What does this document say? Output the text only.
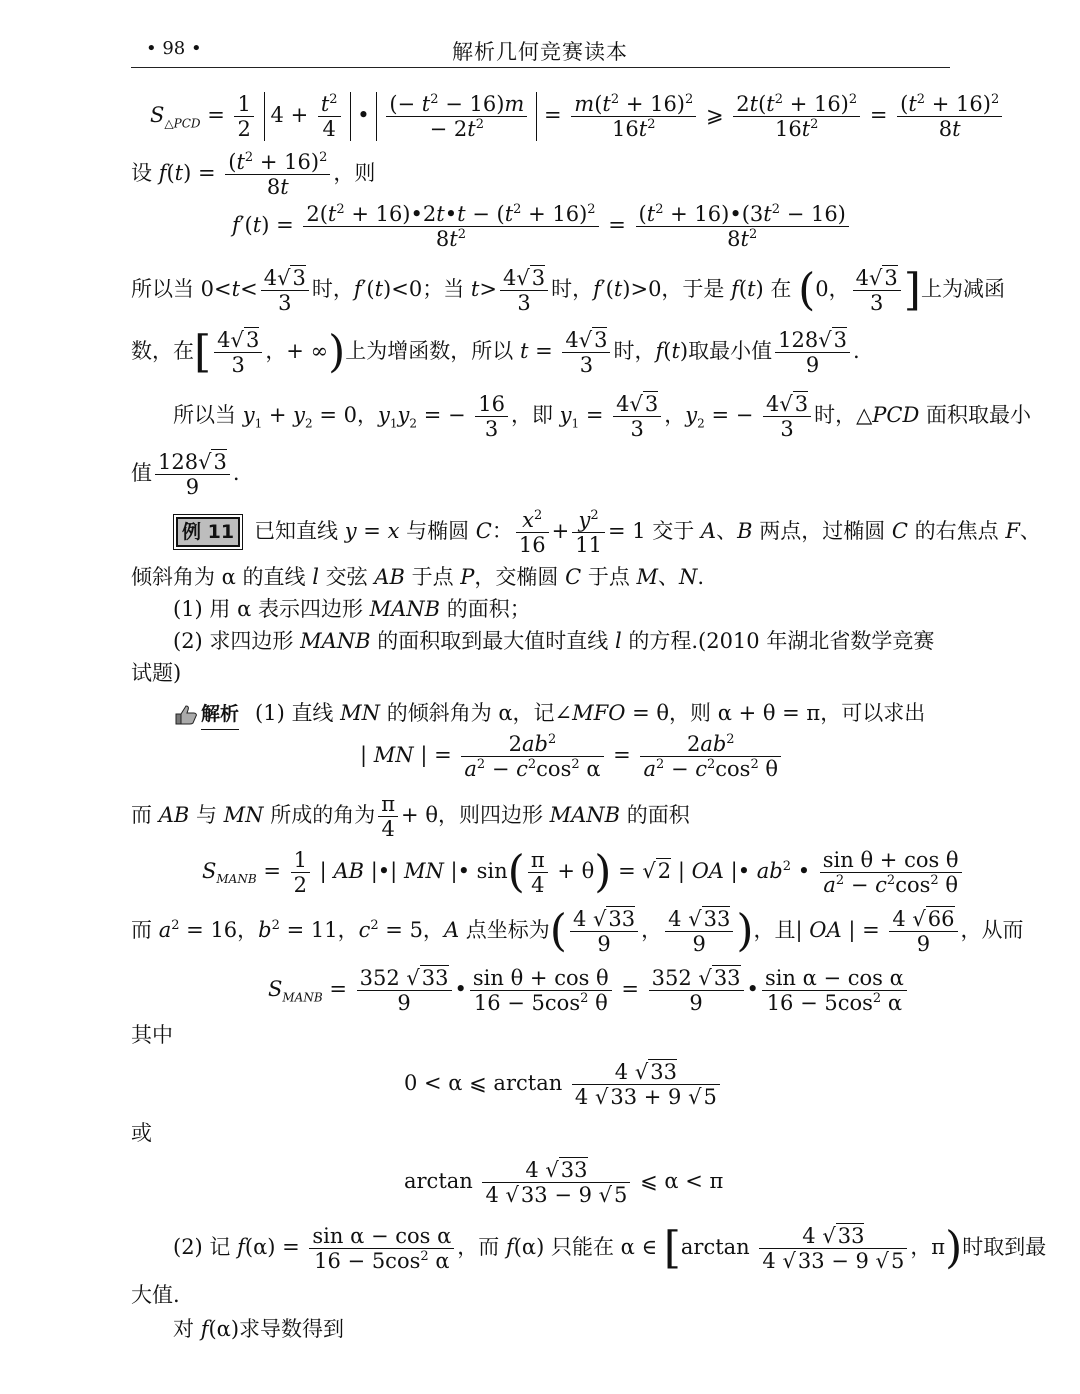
• 98 •	解析几何竞赛读本
$S_{\triangle PCD} = \frac{1}{2} 4 + \frac{t^2}{4}$ • $\frac{(- t^2 - 16)m}{- 2t^2} = \frac{m(t^2 + 16)^2}{16t^2}$ ⩾ $\frac{2t(t^2 + 16)^2}{16t^2} = \frac{(t^2 + 16)^2}{8t}$
设 $f(t) = \frac{(t^2 + 16)^2}{8t}$ ，则
$f'(t) = \frac{2(t^2 + 16)•2t•t - (t^2 + 16)^2}{8t^2} = \frac{(t^2 + 16)•(3t^2 - 16)}{8t^2}$
所以当 $0<t< \frac{4√3}{3}$ 时，f′(t)<0；当 $t> \frac{4√3}{3}$ 时，f′(t)>0，于是 f(t) 在 (0， $\frac{4√3}{3}$ ]上为减函
数，在[ $\frac{4√3}{3}$ ，+ ∞)上为增函数，所以 $t = \frac{4√3}{3}$ 时，f(t)取最小值 $\frac{128√3}{9}$ .
所以当 $y_1 + y_2 = 0$，$y_1y_2$ = − $\frac{16}{3}$ ，即 $y_1 = \frac{4√3}{3}$ ，$y_2$ = − $\frac{4√3}{3}$ 时，△PCD 面积取最小
值 $\frac{128√3}{9}$ .
例 11 已知直线 y = x 与椭圆 C： $\frac{x^2}{16} + \frac{y^2}{11} = 1$ 交于 A、B 两点，过椭圆 C 的右焦点 F、
倾斜角为 α 的直线 l 交弦 AB 于点 P，交椭圆 C 于点 M、N.
(1) 用 α 表示四边形 MANB 的面积；
(2) 求四边形 MANB 的面积取到最大值时直线 l 的方程.(2010 年湖北省数学竞赛
试题)
解析 (1) 直线 MN 的倾斜角为 α，记∠MFO = θ，则 α + θ = π，可以求出
| MN | = $\frac{2ab^2}{a^2 - c^2\cos^2 \alpha} = \frac{2ab^2}{a^2 - c^2\cos^2 \theta}$
而 AB 与 MN 所成的角为 $\frac{\pi}{4} + \theta$，则四边形 MANB 的面积
$S_{MANB} = \frac{1}{2}$ | AB |•| MN |• $\sin( \frac{\pi}{4} + \theta) = √2$ | OA |• $ab^2$ • $\frac{\text{sin θ + cos θ}}{a^2 - c^2\cos^2 \theta}$
而 $a^2 = 16$，$b^2 = 11$，$c^2 = 5$，A 点坐标为( $\frac{4 √33}{9}$ ， $\frac{4 √33}{9}$ )，且| OA | = $\frac{4 √66}{9}$ ，从而
$S_{MANB} = \frac{352 √33}{9}$ • $\frac{\text{sin θ + cos θ}}{16 - 5\cos^2 \theta} = \frac{352 √33}{9}$ • $\frac{\text{sin α − cos α}}{16 - 5\cos^2 \alpha}$
其中
0 < α ⩽ $\arctan \frac{4 √33}{4 √33 + 9 √5}$
或
$\arctan \frac{4 √33}{4 √33 - 9 √5}$ ⩽ α < π
(2) 记 $f(\alpha) = \frac{\text{sin α − cos α}}{16 - 5\cos^2 \alpha}$ ，而 f(α) 只能在 α ∈ [$\arctan \frac{4 √33}{4 √33 - 9 √5}$ ，π)时取到最
大值.
对 f(α)求导数得到
